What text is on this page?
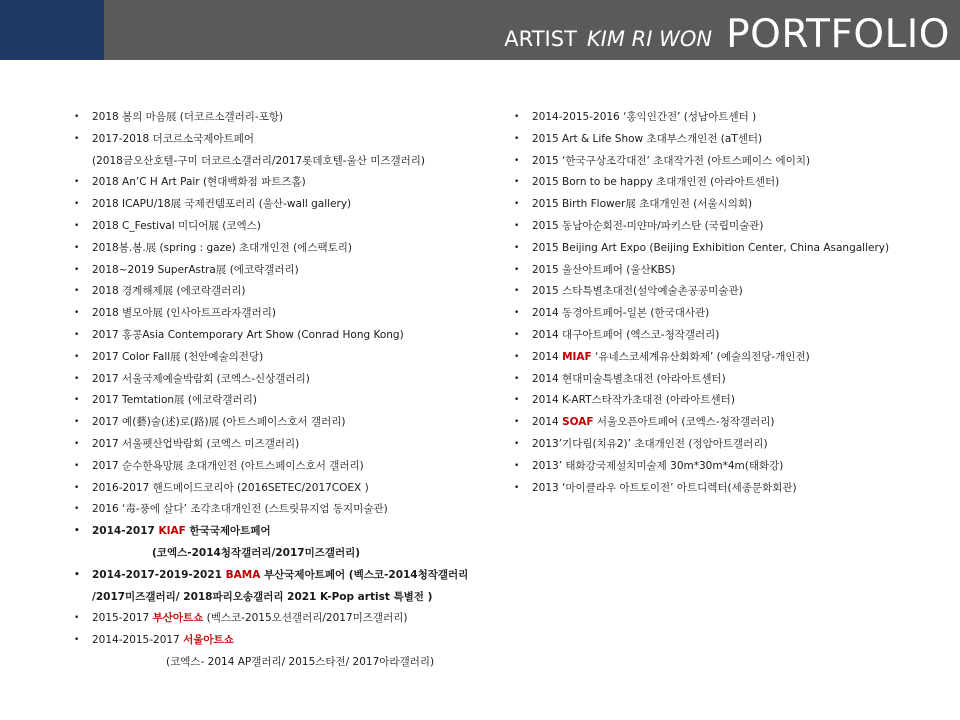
ARTIST KIM RI WON PORTFOLIO
• 2018 봄의 마음展 (더코르소갤러리-포항)
• 2017-2018 더코르소국제아트페어
(2018금오산호텔-구미 더코르소갤러리/2017롯데호텔-울산 미즈갤러리)
• 2018 An’C H Art Pair (현대백화점 파트즈홀)
• 2018 ICAPU/18展 국제컨템포러리 (울산-wall gallery)
• 2018 C_Festival 미디어展 (코엑스)
• 2018봄.봄.展 (spring : gaze) 초대개인전 (에스팩토리)
• 2018~2019 SuperAstra展 (에코락갤러리)
• 2018 경계해제展 (에코락갤러리)
• 2018 별모아展 (인사아트프라자갤러리)
• 2017 홍콩Asia Contemporary Art Show (Conrad Hong Kong)
• 2017 Color Fall展 (천안예술의전당)
• 2017 서울국제예술박람회 (코엑스-신상갤러리)
• 2017 Temtation展 (에코락갤러리)
• 2017 예(藝)술(述)로(路)展 (아트스페이스호서 갤러리)
• 2017 서울펫산업박람회 (코엑스 미즈갤러리)
• 2017 순수한욕망展 초대개인전 (아트스페이스호서 갤러리)
• 2016-2017 핸드메이드코리아 (2016SETEC/2017COEX )
• 2016 ‘毒-풍에 살다’ 조각초대개인전 (스트릿뮤지엄 동지미술관)
• 2014-2017 KIAF 한국국제아트페어
(코엑스-2014청작갤러리/2017미즈갤러리)
• 2014-2017-2019-2021 BAMA 부산국제아트페어 (벡스코-2014청작갤러리
/2017미즈갤러리/ 2018파리오송갤러리 2021 K-Pop artist 특별전 )
• 2015-2017 부산아트쇼 (벡스코-2015오션갤러리/2017미즈갤러리)
• 2014-2015-2017 서울아트쇼
(코엑스- 2014 AP갤러리/ 2015스타전/ 2017아라갤러리)
• 2014-2015-2016 ‘홍익인간전’ (성남아트센터 )
• 2015 Art & Life Show 초대부스개인전 (aT센터)
• 2015 ‘한국구상조각대전’ 초대작가전 (아트스페이스 에이치)
• 2015 Born to be happy 초대개인전 (아라아트센터)
• 2015 Birth Flower展 초대개인전 (서울시의회)
• 2015 동남아순회전-미얀마/파키스탄 (국립미술관)
• 2015 Beijing Art Expo (Beijing Exhibition Center, China Asangallery)
• 2015 울산아트페어 (울산KBS)
• 2015 스타특별초대전(설악예술촌공공미술관)
• 2014 동경아트페어-일본 (한국대사관)
• 2014 대구아트페어 (엑스코-청작갤러리)
• 2014 MIAF ‘유네스코세계유산회화제’ (예술의전당-개인전)
• 2014 현대미술특별초대전 (아라아트센터)
• 2014 K-ART스타작가초대전 (아라아트센터)
• 2014 SOAF 서울오픈아트페어 (코엑스-청작갤러리)
• 2013’기다림(치유2)’ 초대개인전 (정암아트갤러리)
• 2013’ 태화강국제설치미술제 30m*30m*4m(태화강)
• 2013 ‘마이클라우 아트토이전’ 아트디렉터(세종문화회관)
